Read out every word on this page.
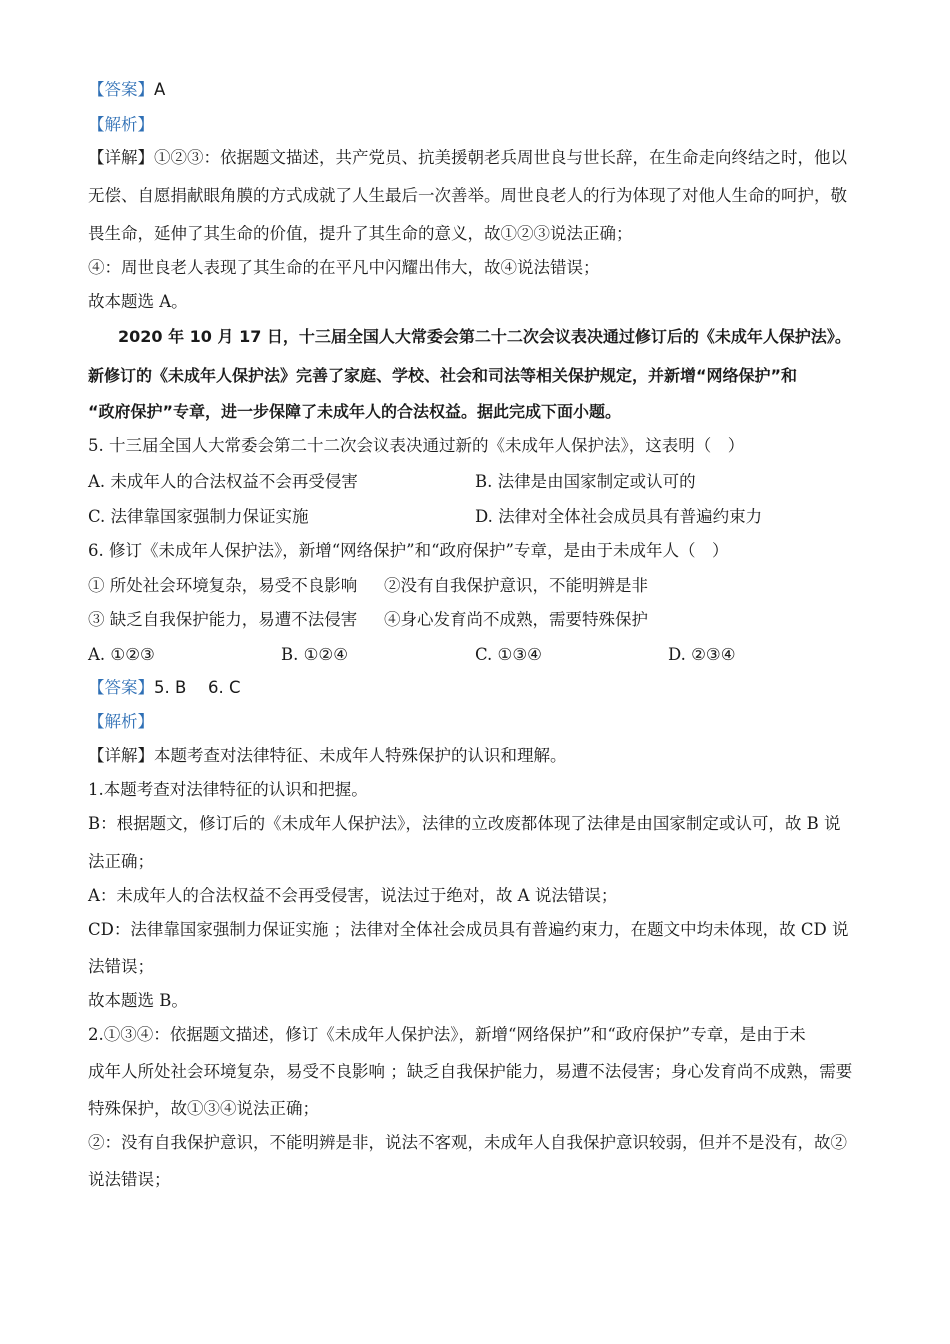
【答案】A
【解析】
【详解】①②③：依据题文描述，共产党员、抗美援朝老兵周世良与世长辞，在生命走向终结之时，他以
无偿、自愿捐献眼角膜的方式成就了人生最后一次善举。周世良老人的行为体现了对他人生命的呵护，敬
畏生命，延伸了其生命的价值，提升了其生命的意义，故①②③说法正确；
④：周世良老人表现了其生命的在平凡中闪耀出伟大，故④说法错误；
故本题选 A。
2020 年 10 月 17 日，十三届全国人大常委会第二十二次会议表决通过修订后的《未成年人保护法》。
新修订的《未成年人保护法》完善了家庭、学校、社会和司法等相关保护规定，并新增“网络保护”和
“政府保护”专章，进一步保障了未成年人的合法权益。据此完成下面小题。
5. 十三届全国人大常委会第二十二次会议表决通过新的《未成年人保护法》，这表明（　）
A. 未成年人的合法权益不会再受侵害	B. 法律是由国家制定或认可的
C. 法律靠国家强制力保证实施	D. 法律对全体社会成员具有普遍约束力
6. 修订《未成年人保护法》，新增“网络保护”和“政府保护”专章，是由于未成年人（　）
① 所处社会环境复杂，易受不良影响 ②没有自我保护意识，不能明辨是非
③ 缺乏自我保护能力，易遭不法侵害 ④身心发育尚不成熟，需要特殊保护
A. ①②③	B. ①②④	C. ①③④	D. ②③④
【答案】5. B　 6. C
【解析】
【详解】本题考查对法律特征、未成年人特殊保护的认识和理解。
1.本题考查对法律特征的认识和把握。
B：根据题文，修订后的《未成年人保护法》，法律的立改废都体现了法律是由国家制定或认可，故 B 说
法正确；
A：未成年人的合法权益不会再受侵害，说法过于绝对，故 A 说法错误；
CD：法律靠国家强制力保证实施 ；法律对全体社会成员具有普遍约束力，在题文中均未体现，故 CD 说
法错误；
故本题选 B。
2.①③④：依据题文描述，修订《未成年人保护法》，新增“网络保护”和“政府保护”专章，是由于未
成年人所处社会环境复杂，易受不良影响 ；缺乏自我保护能力，易遭不法侵害；身心发育尚不成熟，需要
特殊保护，故①③④说法正确；
②：没有自我保护意识，不能明辨是非，说法不客观，未成年人自我保护意识较弱，但并不是没有，故②
说法错误；
